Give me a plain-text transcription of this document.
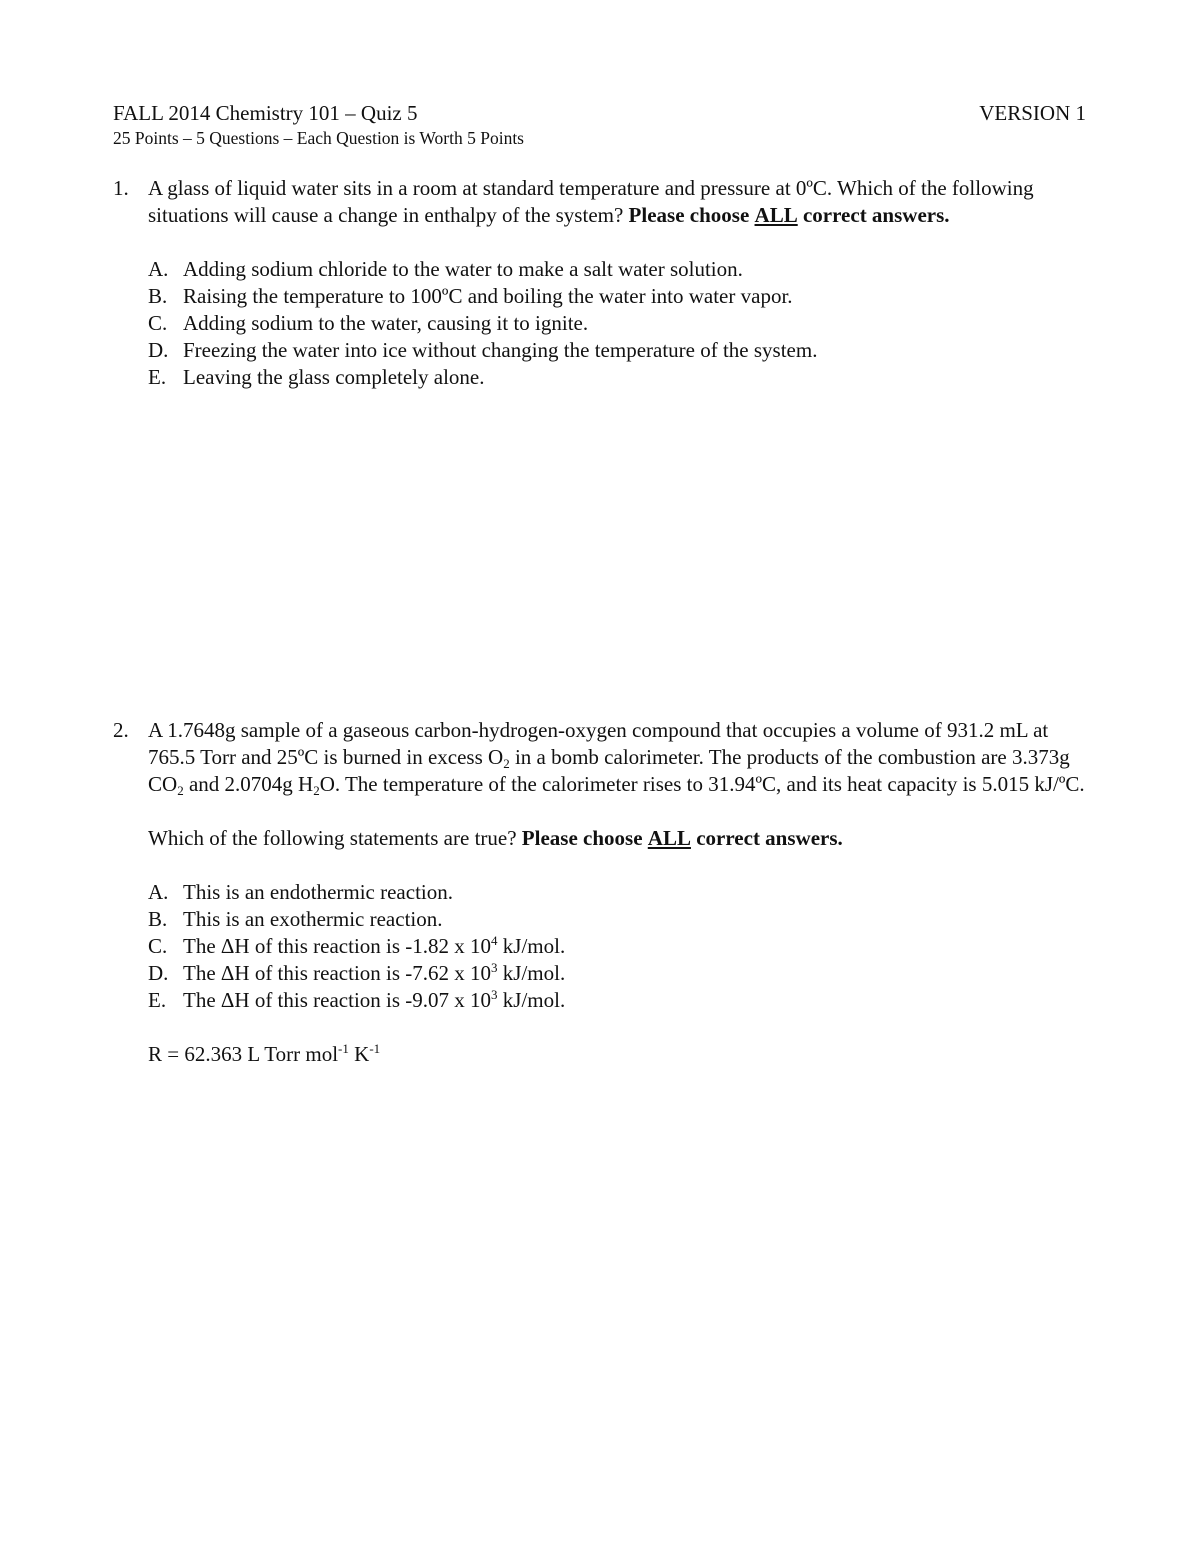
FALL 2014 Chemistry 101 – Quiz 5	VERSION 1
25 Points – 5 Questions – Each Question is Worth 5 Points
1. A glass of liquid water sits in a room at standard temperature and pressure at 0ºC. Which of the following situations will cause a change in enthalpy of the system? Please choose ALL correct answers.

A. Adding sodium chloride to the water to make a salt water solution.
B. Raising the temperature to 100ºC and boiling the water into water vapor.
C. Adding sodium to the water, causing it to ignite.
D. Freezing the water into ice without changing the temperature of the system.
E. Leaving the glass completely alone.
2. A 1.7648g sample of a gaseous carbon-hydrogen-oxygen compound that occupies a volume of 931.2 mL at 765.5 Torr and 25ºC is burned in excess $O_2$ in a bomb calorimeter. The products of the combustion are 3.373g $CO_2$ and 2.0704g $H_2O$. The temperature of the calorimeter rises to 31.94ºC, and its heat capacity is 5.015 kJ/ºC.

Which of the following statements are true? Please choose ALL correct answers.

A. This is an endothermic reaction.
B. This is an exothermic reaction.
C. The ΔH of this reaction is -1.82 x $10^4$ kJ/mol.
D. The ΔH of this reaction is -7.62 x $10^3$ kJ/mol.
E. The ΔH of this reaction is -9.07 x $10^3$ kJ/mol.

R = 62.363 L Torr mol$^{-1}$ $K^{-1}$
